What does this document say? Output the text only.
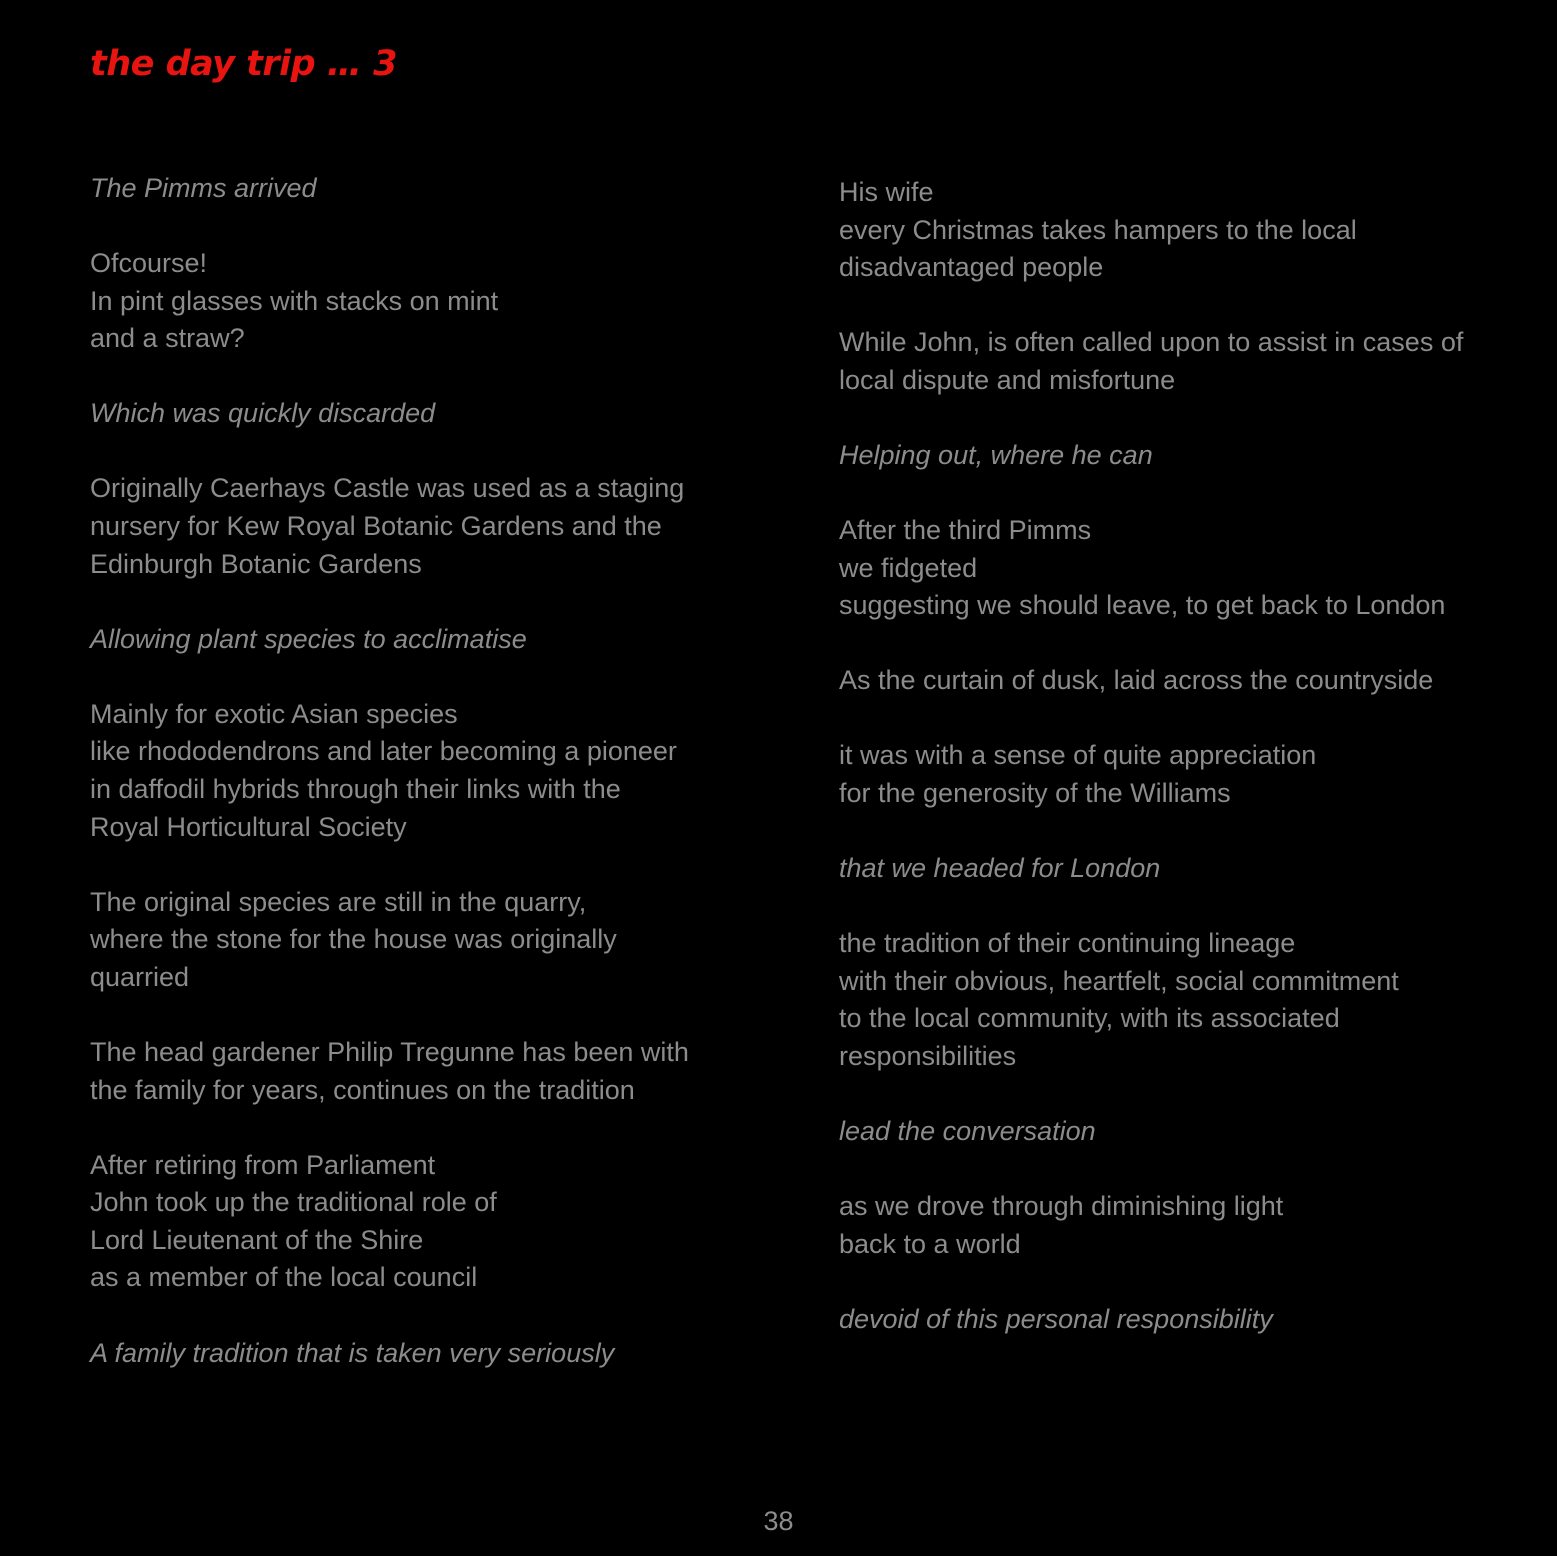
the day trip … 3
The Pimms arrived
Ofcourse!
In pint glasses with stacks on mint
and a straw?
Which was quickly discarded
Originally Caerhays Castle was used as a staging
nursery for Kew Royal Botanic Gardens and the
Edinburgh Botanic Gardens
Allowing plant species to acclimatise
Mainly for exotic Asian species
like rhododendrons and later becoming a pioneer
in daffodil hybrids through their links with the
Royal Horticultural Society
The original species are still in the quarry,
where the stone for the house was originally
quarried
The head gardener Philip Tregunne has been with
the family for years, continues on the tradition
After retiring from Parliament
John took up the traditional role of
Lord Lieutenant of the Shire
as a member of the local council
A family tradition that is taken very seriously
His wife
every Christmas takes hampers to the local
disadvantaged people
While John, is often called upon to assist in cases of
local dispute and misfortune
Helping out, where he can
After the third Pimms
we fidgeted
suggesting we should leave, to get back to London
As the curtain of dusk, laid across the countryside
it was with a sense of quite appreciation
for the generosity of the Williams
that we headed for London
the tradition of their continuing lineage
with their obvious, heartfelt, social commitment
to the local community, with its associated
responsibilities
lead the conversation
as we drove through diminishing light
back to a world
devoid of this personal responsibility
38
